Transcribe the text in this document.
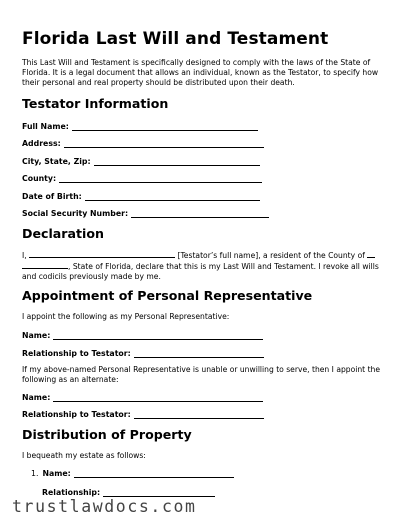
Florida Last Will and Testament
This Last Will and Testament is specifically designed to comply with the laws of the State of Florida. It is a legal document that allows an individual, known as the Testator, to specify how their personal and real property should be distributed upon their death.
Testator Information
Full Name:
Address:
City, State, Zip:
County:
Date of Birth:
Social Security Number:
Declaration
I,	[Testator’s full name], a resident of the County of
, State of Florida, declare that this is my Last Will and Testament. I revoke all wills and codicils previously made by me.
Appointment of Personal Representative
I appoint the following as my Personal Representative:
Name:
Relationship to Testator:
If my above-named Personal Representative is unable or unwilling to serve, then I appoint the following as an alternate:
Name:
Relationship to Testator:
Distribution of Property
I bequeath my estate as follows:
1. Name:
Relationship:
trustlawdocs.com
